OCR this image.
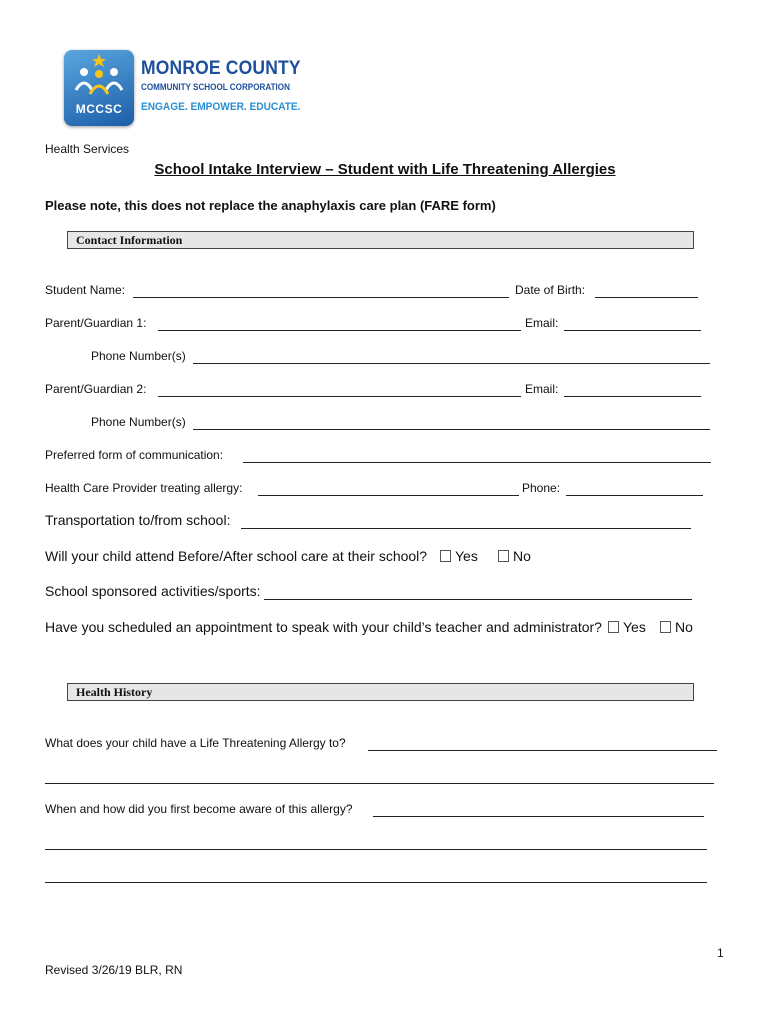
MCCSC
MONROE COUNTY
COMMUNITY SCHOOL CORPORATION
ENGAGE. EMPOWER. EDUCATE.
Health Services
School Intake Interview – Student with Life Threatening Allergies
Please note, this does not replace the anaphylaxis care plan (FARE form)
Contact Information
Student Name:	Date of Birth:
Parent/Guardian 1:	Email:
Phone Number(s)
Parent/Guardian 2:	Email:
Phone Number(s)
Preferred form of communication:
Health Care Provider treating allergy:	Phone:
Transportation to/from school:
Will your child attend Before/After school care at their school?	Yes	No
School sponsored activities/sports:
Have you scheduled an appointment to speak with your child’s teacher and administrator?	Yes	No
Health History
What does your child have a Life Threatening Allergy to?
When and how did you first become aware of this allergy?
1
Revised 3/26/19 BLR, RN
